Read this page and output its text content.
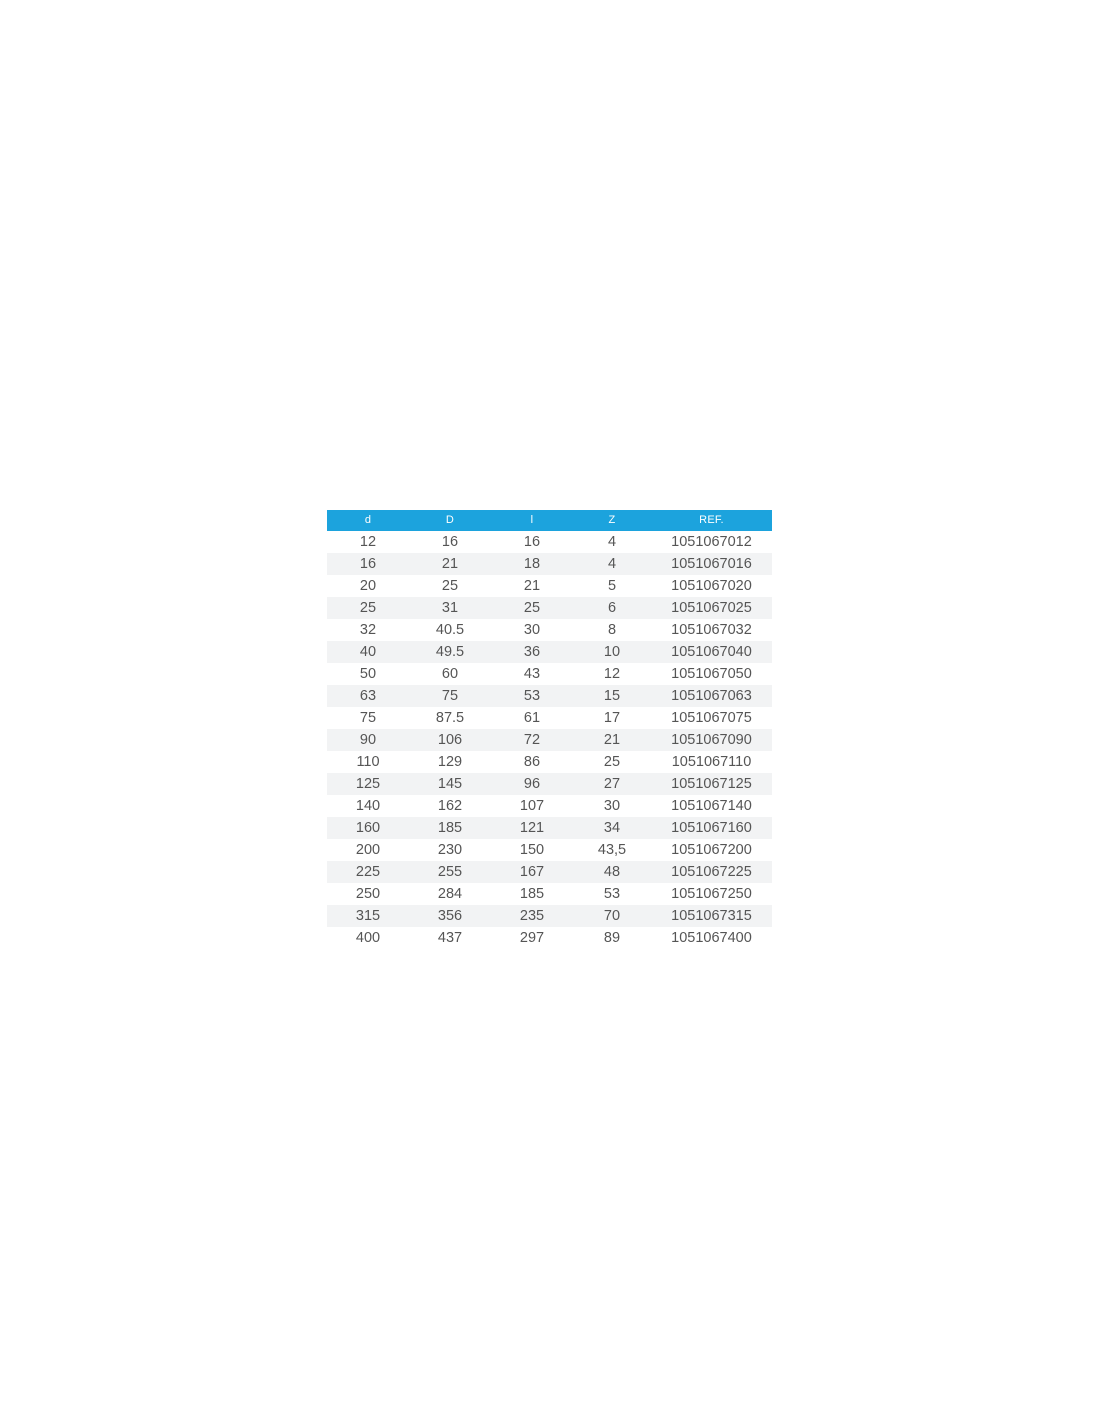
d	D	l	Z	REF.
12	16	16	4	1051067012
16	21	18	4	1051067016
20	25	21	5	1051067020
25	31	25	6	1051067025
32	40.5	30	8	1051067032
40	49.5	36	10	1051067040
50	60	43	12	1051067050
63	75	53	15	1051067063
75	87.5	61	17	1051067075
90	106	72	21	1051067090
110	129	86	25	1051067110
125	145	96	27	1051067125
140	162	107	30	1051067140
160	185	121	34	1051067160
200	230	150	43,5	1051067200
225	255	167	48	1051067225
250	284	185	53	1051067250
315	356	235	70	1051067315
400	437	297	89	1051067400
